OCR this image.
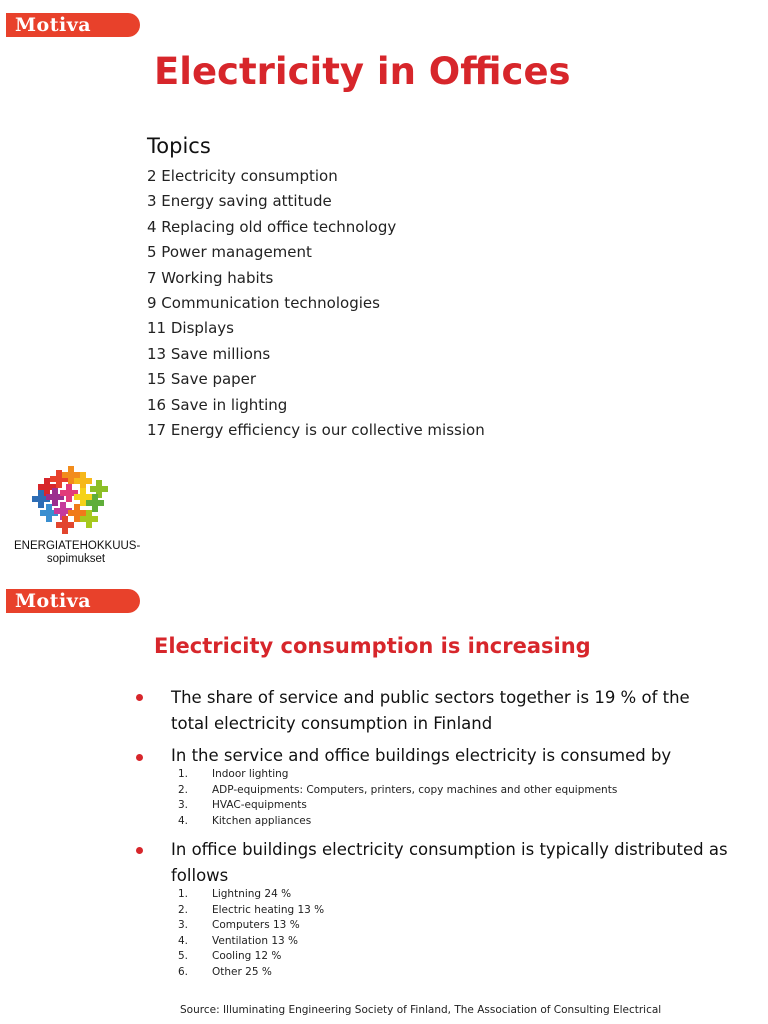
Motiva
Electricity in Offices
Topics
2 Electricity consumption
3 Energy saving attitude
4 Replacing old office technology
5 Power management
7 Working habits
9 Communication technologies
11 Displays
13 Save millions
15 Save paper
16 Save in lighting
17 Energy efficiency is our collective mission
ENERGIATEHOKKUUS-
sopimukset
Motiva
Electricity consumption is increasing

The share of service and public sectors together is 19 % of the total electricity consumption in Finland

In the service and office buildings electricity is consumed by

1. Indoor lighting
2. ADP-equipments: Computers, printers, copy machines and other equipments
3. HVAC-equipments
4. Kitchen appliances

In office buildings electricity consumption is typically distributed as follows

1. Lightning 24 %
2. Electric heating 13 %
3. Computers 13 %
4. Ventilation 13 %
5. Cooling 12 %
6. Other 25 %
Source: Illuminating Engineering Society of Finland, The Association of Consulting Electrical
